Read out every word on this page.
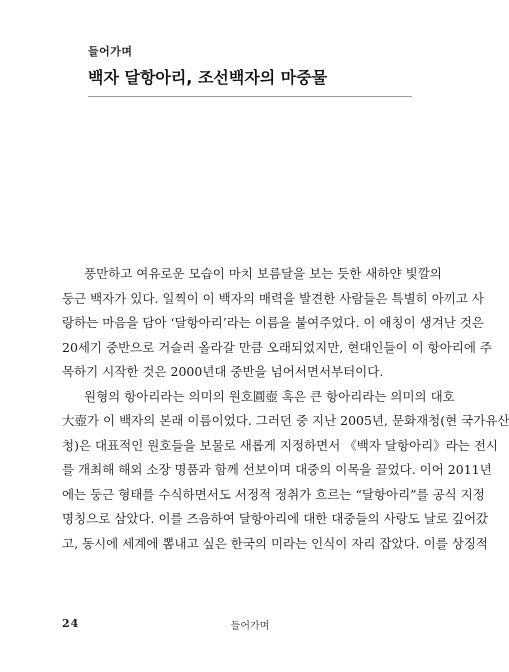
들어가며
백자 달항아리, 조선백자의 마중물

풍만하고 여유로운 모습이 마치 보름달을 보는 듯한 새하얀 빛깔의
둥근 백자가 있다. 일찍이 이 백자의 매력을 발견한 사람들은 특별히 아끼고 사
랑하는 마음을 담아 ‘달항아리’라는 이름을 붙여주었다. 이 애칭이 생겨난 것은
20세기 중반으로 거슬러 올라갈 만큼 오래되었지만, 현대인들이 이 항아리에 주
목하기 시작한 것은 2000년대 중반을 넘어서면서부터이다.

원형의 항아리라는 의미의 원호圓壺 혹은 큰 항아리라는 의미의 대호
大壺가 이 백자의 본래 이름이었다. 그러던 중 지난 2005년, 문화재청(현 국가유산
청)은 대표적인 원호들을 보물로 새롭게 지정하면서 《백자 달항아리》라는 전시
를 개최해 해외 소장 명품과 함께 선보이며 대중의 이목을 끌었다. 이어 2011년
에는 둥근 형태를 수식하면서도 서정적 정취가 흐르는 “달항아리”를 공식 지정
명칭으로 삼았다. 이를 즈음하여 달항아리에 대한 대중들의 사랑도 날로 깊어갔
고, 동시에 세계에 뽐내고 싶은 한국의 미라는 인식이 자리 잡았다. 이를 상징적

24	들어가며
